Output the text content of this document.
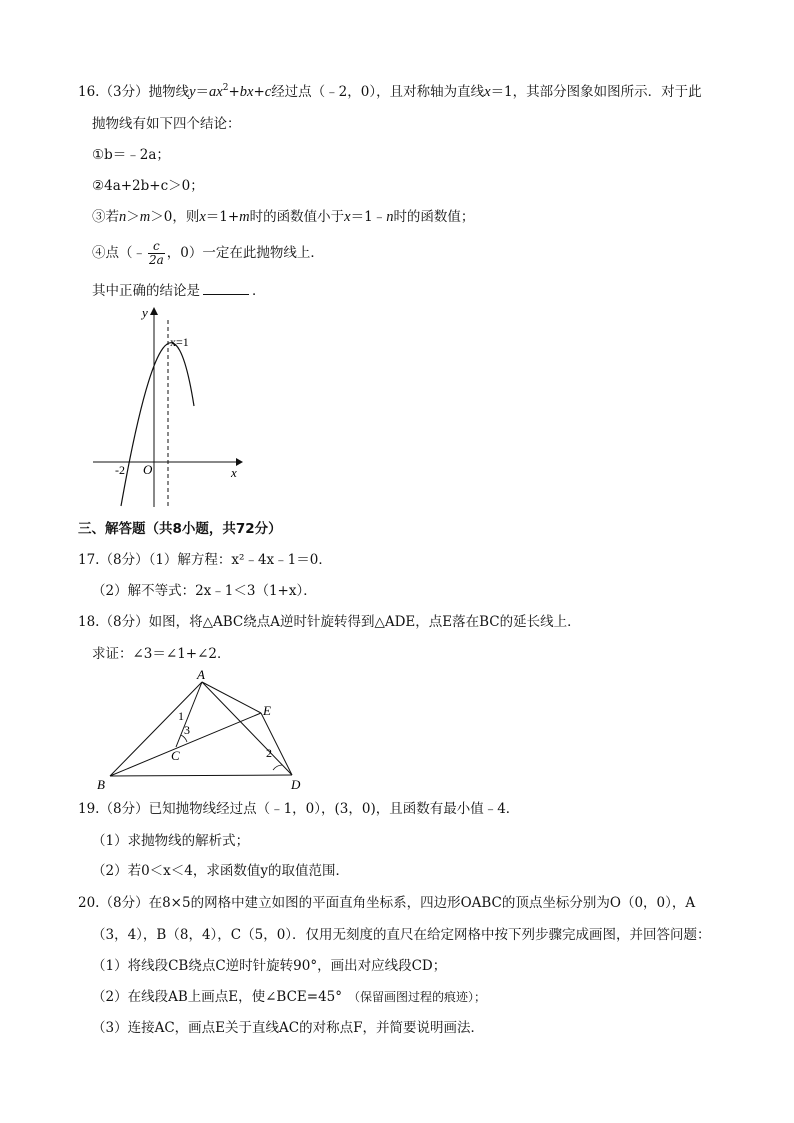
16.（3分）抛物线$y=ax^2+bx+c$经过点（﹣2，0），且对称轴为直线x＝1，其部分图象如图所示．对于此
抛物线有如下四个结论：
①b＝﹣2a；
②4a+2b+c＞0；
③若n＞m＞0，则x＝1+m时的函数值小于x＝1﹣n时的函数值；
④点（﹣ $\frac{c}{2a}$ ，0）一定在此抛物线上．
其中正确的结论是	．
y
x
x=1
O
-2
三、解答题（共8小题，共72分）
17.（8分）（1）解方程：x²﹣4x﹣1＝0．
（2）解不等式：2x﹣1＜3（1+x）．
18.（8分）如图，将△ABC绕点A逆时针旋转得到△ADE，点E落在BC的延长线上．
求证：∠3＝∠1+∠2．
A
B
C
D
E
1
2
3
19.（8分）已知抛物线经过点（﹣1，0），(3，0)，且函数有最小值﹣4．
（1）求抛物线的解析式；
（2）若0＜x＜4，求函数值y的取值范围．
20.（8分）在8×5的网格中建立如图的平面直角坐标系，四边形OABC的顶点坐标分别为O（0，0），A
（3，4），B（8，4），C（5，0）．仅用无刻度的直尺在给定网格中按下列步骤完成画图，并回答问题：
（1）将线段CB绕点C逆时针旋转90°，画出对应线段CD；
（2）在线段AB上画点E，使∠BCE=45° （保留画图过程的痕迹）；
（3）连接AC，画点E关于直线AC的对称点F，并简要说明画法．
